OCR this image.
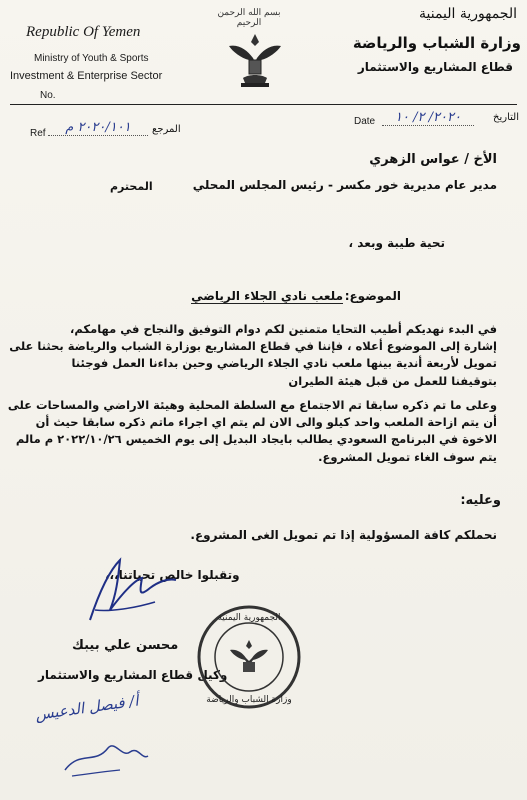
Republic Of Yemen
Ministry of Youth & Sports
Investment & Enterprise Sector
No.
بسم الله الرحمن الرحيم
الجمهورية اليمنية
وزارة الشباب والرياضة
قطاع المشاريع والاستثمار
Date	٢٠٢٠/ ٢/ ١٠	التاريخ
Ref	٢٠٢٠/١٠١ م	المرجع
الأخ / عواس الزهري
مدير عام مديرية خور مكسر - رئيس المجلس المحلي
المحترم
تحية طيبة وبعد ،
الموضوع:
ملعب نادي الجلاء الرياضي
في البدء نهديكم أطيب التحايا متمنين لكم دوام التوفيق والنجاح في مهامكم،
إشارة إلى الموضوع أعلاه ، فإننا في قطاع المشاريع بوزارة الشباب والرياضة بحثنا على
تمويل لأربعة أندية بينها ملعب نادي الجلاء الرياضي وحين بداءنا العمل فوجئنا
بتوقيفنا للعمل من قبل هيئة الطيران
وعلى ما تم ذكره سابقا تم الاجتماع مع السلطة المحلية وهيئة الاراضي والمساحات على
أن يتم ازاحة الملعب واحد كيلو والى الان لم يتم اي اجراء ماتم ذكره سابقا حيث أن
الاخوة في البرنامج السعودي يطالب بايجاد البديل إلى يوم الخميس ٢٠٢٢/١٠/٢٦ م مالم
يتم سوف الغاء تمويل المشروع.
وعليه:
نحملكم كافة المسؤولية إذا تم تمويل الغى المشروع.
وتقبلوا خالص تحياتنا،،،
محسن علي بيبك
وكيل قطاع المشاريع والاستثمار
الجمهورية اليمنية
وزارة الشباب والرياضة
أ/ فيصل الدعيس
